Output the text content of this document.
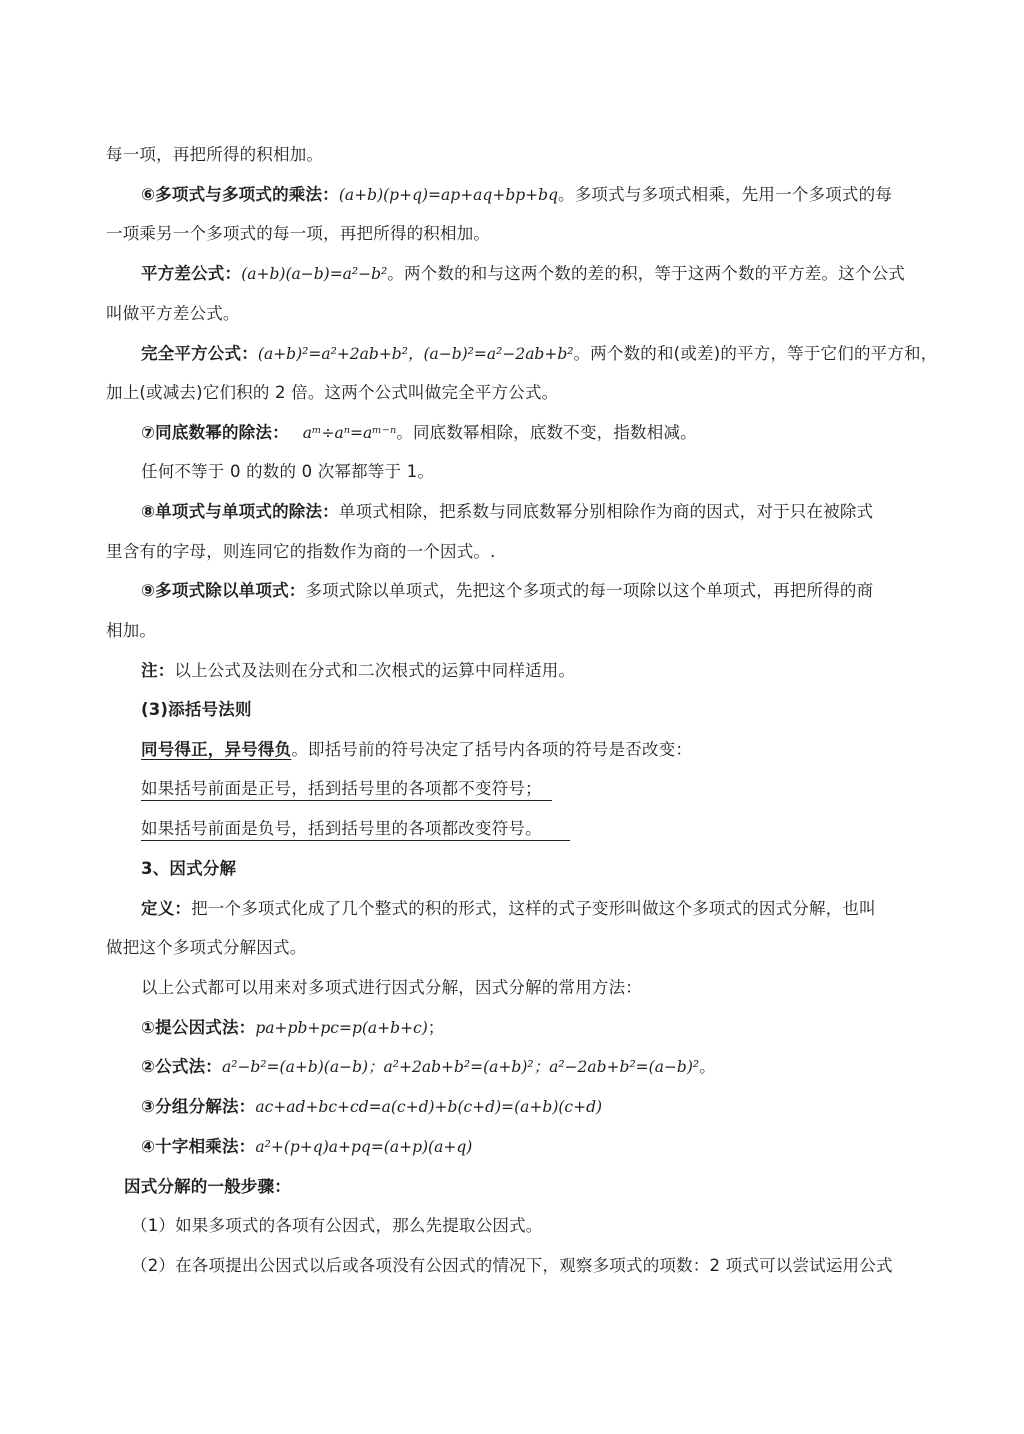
每一项，再把所得的积相加。
⑥多项式与多项式的乘法：(a+b)(p+q)=ap+aq+bp+bq。多项式与多项式相乘，先用一个多项式的每
一项乘另一个多项式的每一项，再把所得的积相加。
平方差公式：(a+b)(a−b)=a²−b²。两个数的和与这两个数的差的积，等于这两个数的平方差。这个公式
叫做平方差公式。
完全平方公式：(a+b)²=a²+2ab+b²，(a−b)²=a²−2ab+b²。两个数的和(或差)的平方，等于它们的平方和，
加上(或减去)它们积的 2 倍。这两个公式叫做完全平方公式。
⑦同底数幂的除法： aᵐ÷aⁿ=aᵐ⁻ⁿ。同底数幂相除，底数不变，指数相减。
任何不等于 0 的数的 0 次幂都等于 1。
⑧单项式与单项式的除法：单项式相除，把系数与同底数幂分别相除作为商的因式，对于只在被除式
里含有的字母，则连同它的指数作为商的一个因式。.
⑨多项式除以单项式：多项式除以单项式，先把这个多项式的每一项除以这个单项式，再把所得的商
相加。
注：以上公式及法则在分式和二次根式的运算中同样适用。
(3)添括号法则
同号得正，异号得负。即括号前的符号决定了括号内各项的符号是否改变：
如果括号前面是正号，括到括号里的各项都不变符号；
如果括号前面是负号，括到括号里的各项都改变符号。
3、因式分解
定义：把一个多项式化成了几个整式的积的形式，这样的式子变形叫做这个多项式的因式分解，也叫
做把这个多项式分解因式。
以上公式都可以用来对多项式进行因式分解，因式分解的常用方法：
①提公因式法：pa+pb+pc=p(a+b+c)；
②公式法：a²−b²=(a+b)(a−b)；a²+2ab+b²=(a+b)²；a²−2ab+b²=(a−b)²。
③分组分解法：ac+ad+bc+cd=a(c+d)+b(c+d)=(a+b)(c+d)
④十字相乘法：a²+(p+q)a+pq=(a+p)(a+q)
因式分解的一般步骤：
（1）如果多项式的各项有公因式，那么先提取公因式。
（2）在各项提出公因式以后或各项没有公因式的情况下，观察多项式的项数：2 项式可以尝试运用公式
